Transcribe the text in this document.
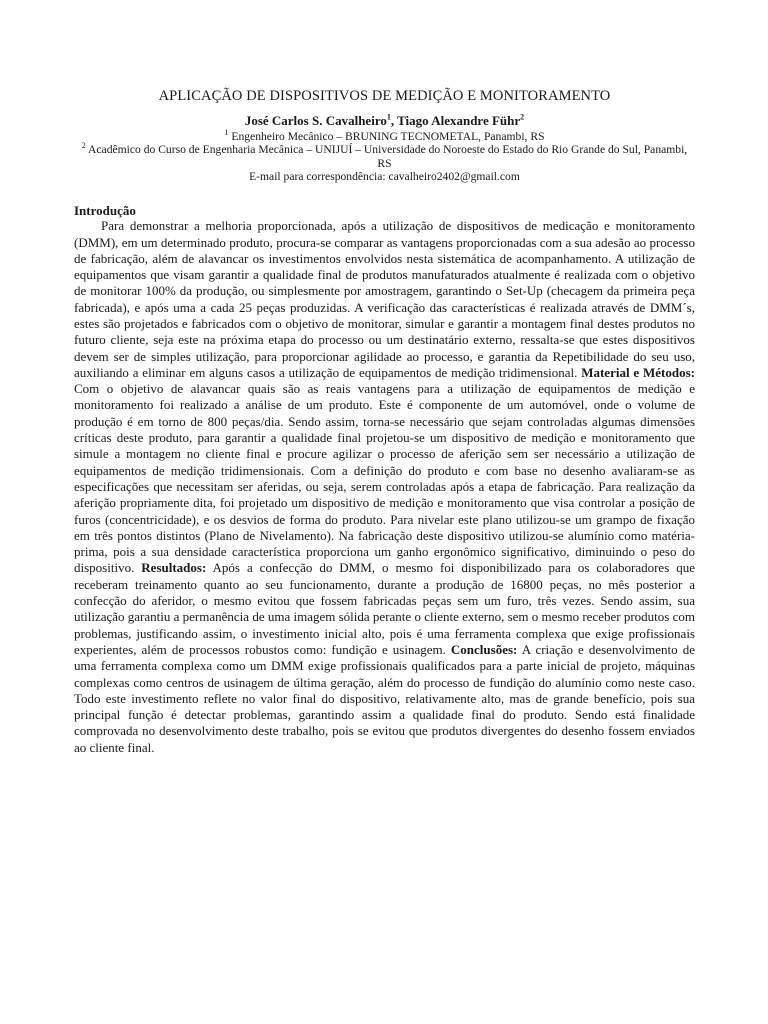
APLICAÇÃO DE DISPOSITIVOS DE MEDIÇÃO E MONITORAMENTO

José Carlos S. Cavalheiro$^1$, Tiago Alexandre Führ$^2$

$^1$ Engenheiro Mecânico – BRUNING TECNOMETAL, Panambi, RS

$^2$ Acadêmico do Curso de Engenharia Mecânica – UNIJUÍ – Universidade do Noroeste do Estado do Rio Grande do Sul, Panambi, RS

E-mail para correspondência: cavalheiro2402@gmail.com

Introdução

Para demonstrar a melhoria proporcionada, após a utilização de dispositivos de medicação e monitoramento (DMM), em um determinado produto, procura-se comparar as vantagens proporcionadas com a sua adesão ao processo de fabricação, além de alavancar os investimentos envolvidos nesta sistemática de acompanhamento. A utilização de equipamentos que visam garantir a qualidade final de produtos manufaturados atualmente é realizada com o objetivo de monitorar 100% da produção, ou simplesmente por amostragem, garantindo o Set-Up (checagem da primeira peça fabricada), e após uma a cada 25 peças produzidas. A verificação das características é realizada através de DMM´s, estes são projetados e fabricados com o objetivo de monitorar, simular e garantir a montagem final destes produtos no futuro cliente, seja este na próxima etapa do processo ou um destinatário externo, ressalta-se que estes dispositivos devem ser de simples utilização, para proporcionar agilidade ao processo, e garantia da Repetibilidade do seu uso, auxiliando a eliminar em alguns casos a utilização de equipamentos de medição tridimensional. Material e Métodos: Com o objetivo de alavancar quais são as reais vantagens para a utilização de equipamentos de medição e monitoramento foi realizado a análise de um produto. Este é componente de um automóvel, onde o volume de produção é em torno de 800 peças/dia. Sendo assim, torna-se necessário que sejam controladas algumas dimensões críticas deste produto, para garantir a qualidade final projetou-se um dispositivo de medição e monitoramento que simule a montagem no cliente final e procure agilizar o processo de aferição sem ser necessário a utilização de equipamentos de medição tridimensionais. Com a definição do produto e com base no desenho avaliaram-se as especificações que necessitam ser aferidas, ou seja, serem controladas após a etapa de fabricação. Para realização da aferição propriamente dita, foi projetado um dispositivo de medição e monitoramento que visa controlar a posição de furos (concentricidade), e os desvios de forma do produto. Para nivelar este plano utilizou-se um grampo de fixação em três pontos distintos (Plano de Nivelamento). Na fabricação deste dispositivo utilizou-se alumínio como matéria-prima, pois a sua densidade característica proporciona um ganho ergonômico significativo, diminuindo o peso do dispositivo. Resultados: Após a confecção do DMM, o mesmo foi disponibilizado para os colaboradores que receberam treinamento quanto ao seu funcionamento, durante a produção de 16800 peças, no mês posterior a confecção do aferidor, o mesmo evitou que fossem fabricadas peças sem um furo, três vezes. Sendo assim, sua utilização garantiu a permanência de uma imagem sólida perante o cliente externo, sem o mesmo receber produtos com problemas, justificando assim, o investimento inicial alto, pois é uma ferramenta complexa que exige profissionais experientes, além de processos robustos como: fundição e usinagem. Conclusões: A criação e desenvolvimento de uma ferramenta complexa como um DMM exige profissionais qualificados para a parte inicial de projeto, máquinas complexas como centros de usinagem de última geração, além do processo de fundição do alumínio como neste caso. Todo este investimento reflete no valor final do dispositivo, relativamente alto, mas de grande benefício, pois sua principal função é detectar problemas, garantindo assim a qualidade final do produto. Sendo está finalidade comprovada no desenvolvimento deste trabalho, pois se evitou que produtos divergentes do desenho fossem enviados ao cliente final.
